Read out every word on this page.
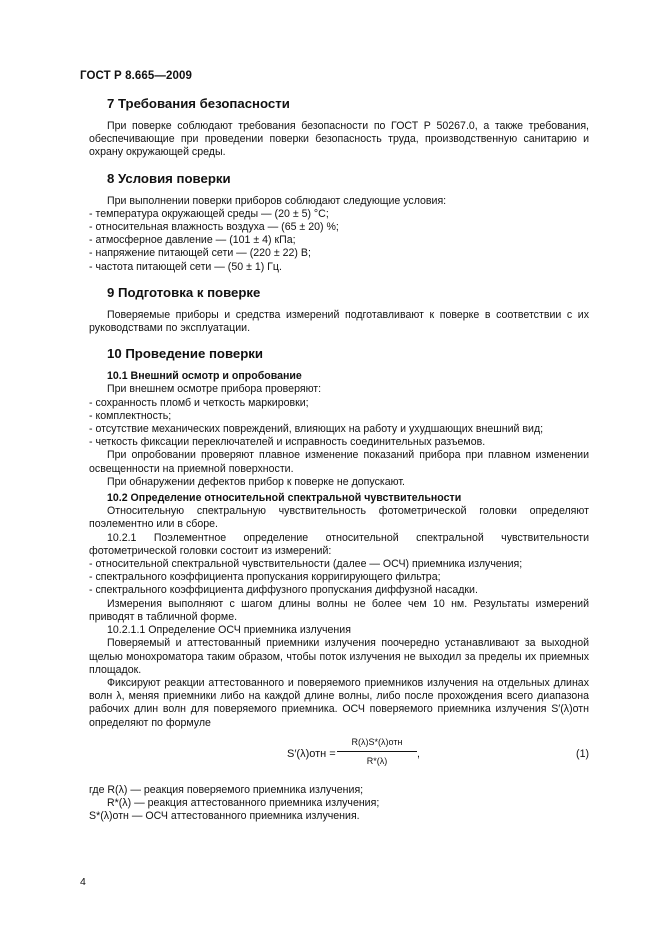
ГОСТ Р 8.665—2009
7 Требования безопасности

При поверке соблюдают требования безопасности по ГОСТ Р 50267.0, а также требования, обеспечивающие при проведении поверки безопасность труда, производственную санитарию и охрану окружающей среды.

8 Условия поверки

При выполнении поверки приборов соблюдают следующие условия:

- температура окружающей среды — (20 ± 5) °С;

- относительная влажность воздуха — (65 ± 20) %;

- атмосферное давление — (101 ± 4) кПа;

- напряжение питающей сети — (220 ± 22) В;

- частота питающей сети — (50 ± 1) Гц.

9 Подготовка к поверке

Поверяемые приборы и средства измерений подготавливают к поверке в соответствии с их руководствами по эксплуатации.

10 Проведение поверки

10.1 Внешний осмотр и опробование

При внешнем осмотре прибора проверяют:

- сохранность пломб и четкость маркировки;

- комплектность;

- отсутствие механических повреждений, влияющих на работу и ухудшающих внешний вид;

- четкость фиксации переключателей и исправность соединительных разъемов.

При опробовании проверяют плавное изменение показаний прибора при плавном изменении освещенности на приемной поверхности.

При обнаружении дефектов прибор к поверке не допускают.

10.2 Определение относительной спектральной чувствительности

Относительную спектральную чувствительность фотометрической головки определяют поэлементно или в сборе.

10.2.1 Поэлементное определение относительной спектральной чувствительности фотометрической головки состоит из измерений:

- относительной спектральной чувствительности (далее — ОСЧ) приемника излучения;

- спектрального коэффициента пропускания корригирующего фильтра;

- спектрального коэффициента диффузного пропускания диффузной насадки.

Измерения выполняют с шагом длины волны не более чем 10 нм. Результаты измерений приводят в табличной форме.

10.2.1.1 Определение ОСЧ приемника излучения

Поверяемый и аттестованный приемники излучения поочередно устанавливают за выходной щелью монохроматора таким образом, чтобы поток излучения не выходил за пределы их приемных площадок.

Фиксируют реакции аттестованного и поверяемого приемников излучения на отдельных длинах волн λ, меняя приемники либо на каждой длине волны, либо после прохождения всего диапазона рабочих длин волн для поверяемого приемника. ОСЧ поверяемого приемника излучения S′(λ)отн определяют по формуле

S′(λ)отн =
R(λ)S*(λ)отн
R*(λ)
,	(1)

где R(λ) — реакция поверяемого приемника излучения;

R*(λ) — реакция аттестованного приемника излучения;

S*(λ)отн — ОСЧ аттестованного приемника излучения.

4
